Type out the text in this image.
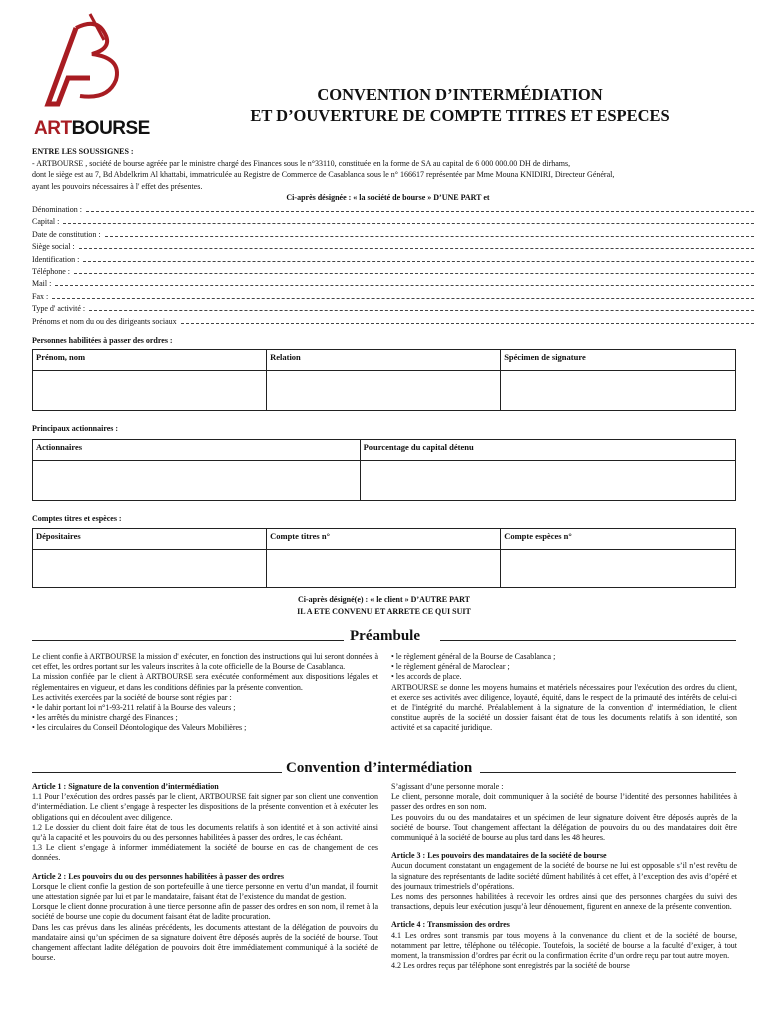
ARTBOURSE
CONVENTION D’INTERMÉDIATION
ET D’OUVERTURE DE COMPTE TITRES ET ESPECES
ENTRE LES SOUSSIGNES :
- ARTBOURSE , société de bourse agréée par le ministre chargé des Finances sous le n°33110, constituée en la forme de SA au capital de 6 000 000.00 DH de dirhams,
dont le siège est au 7, Bd Abdelkrim Al khattabi, immatriculée au Registre de Commerce de Casablanca sous le n° 166617 représentée par Mme Mouna KNIDIRI, Directeur Général,
ayant les pouvoirs nécessaires à l' effet des présentes.
Ci-après désignée : « la société de bourse » D’UNE PART et
Dénomination :
Capital :
Date de constitution :
Siège social :
Identification :
Téléphone :
Mail :
Fax :
Type d' activité :
Prénoms et nom du ou des dirigeants sociaux
Personnes habilitées à passer des ordres :
Prénom, nom	Relation	Spécimen de signature

Principaux actionnaires :
Actionnaires	Pourcentage du capital détenu

Comptes titres et espèces :
Dépositaires	Compte titres n°	Compte espèces n°

Ci-après désigné(e) : « le client » D’AUTRE PART
IL A ETE CONVENU ET ARRETE CE QUI SUIT
Préambule

Le client confie à ARTBOURSE la mission d' exécuter, en fonction des instructions qui lui seront données à cet effet, les ordres portant sur les valeurs inscrites à la cote officielle de la Bourse de Casablanca.

La mission confiée par le client à ARTBOURSE sera exécutée conformément aux dispositions légales et réglementaires en vigueur, et dans les conditions définies par la présente convention.

Les activités exercées par la société de bourse sont régies par :

• le dahir portant loi n°1-93-211 relatif à la Bourse des valeurs ;

• les arrêtés du ministre chargé des Finances ;

• les circulaires du Conseil Déontologique des Valeurs Mobilières ;

• le règlement général de la Bourse de Casablanca ;

• le règlement général de Maroclear ;

• les accords de place.

ARTBOURSE se donne les moyens humains et matériels nécessaires pour l'exécution des ordres du client, et exerce ses activités avec diligence, loyauté, équité, dans le respect de la primauté des intérêts de celui-ci et de l'intégrité du marché. Préalablement à la signature de la convention d' intermédiation, le client constitue auprès de la société un dossier faisant état de tous les documents relatifs à son identité, son activité et sa capacité juridique.

Convention d’intermédiation

Article 1 : Signature de la convention d’intermédiation

1.1 Pour l’exécution des ordres passés par le client, ARTBOURSE fait signer par son client une convention d’intermédiation. Le client s’engage à respecter les dispositions de la présente convention et à exécuter les obligations qui en découlent avec diligence.

1.2 Le dossier du client doit faire état de tous les documents relatifs à son identité et à son activité ainsi qu’à la capacité et les pouvoirs du ou des personnes habilitées à passer des ordres, le cas échéant.

1.3 Le client s’engage à informer immédiatement la société de bourse en cas de changement de ces données.

Article 2 : Les pouvoirs du ou des personnes habilitées à passer des ordres

Lorsque le client confie la gestion de son portefeuille à une tierce personne en vertu d’un mandat, il fournit une attestation signée par lui et par le mandataire, faisant état de l’existence du mandat de gestion.

Lorsque le client donne procuration à une tierce personne afin de passer des ordres en son nom, il remet à la société de bourse une copie du document faisant état de ladite procuration.

Dans les cas prévus dans les alinéas précédents, les documents attestant de la délégation de pouvoirs du mandataire ainsi qu’un spécimen de sa signature doivent être déposés auprès de la société de bourse. Tout changement affectant ladite délégation de pouvoirs doit être immédiatement communiqué à la société de bourse.

S’agissant d’une personne morale :

Le client, personne morale, doit communiquer à la société de bourse l’identité des personnes habilitées à passer des ordres en son nom.

Les pouvoirs du ou des mandataires et un spécimen de leur signature doivent être déposés auprès de la société de bourse. Tout changement affectant la délégation de pouvoirs du ou des mandataires doit être communiqué à la société de bourse au plus tard dans les 48 heures.

Article 3 : Les pouvoirs des mandataires de la société de bourse

Aucun document constatant un engagement de la société de bourse ne lui est opposable s’il n’est revêtu de la signature des représentants de ladite société dûment habilités à cet effet, à l’exception des avis d’opéré et des journaux trimestriels d’opérations.

Les noms des personnes habilitées à recevoir les ordres ainsi que des personnes chargées du suivi des transactions, depuis leur exécution jusqu’à leur dénouement, figurent en annexe de la présente convention.

Article 4 : Transmission des ordres

4.1 Les ordres sont transmis par tous moyens à la convenance du client et de la société de bourse, notamment par lettre, téléphone ou télécopie. Toutefois, la société de bourse a la faculté d’exiger, à tout moment, la transmission d’ordres par écrit ou la confirmation écrite d’un ordre reçu par tout autre moyen.

4.2 Les ordres reçus par téléphone sont enregistrés par la société de bourse
